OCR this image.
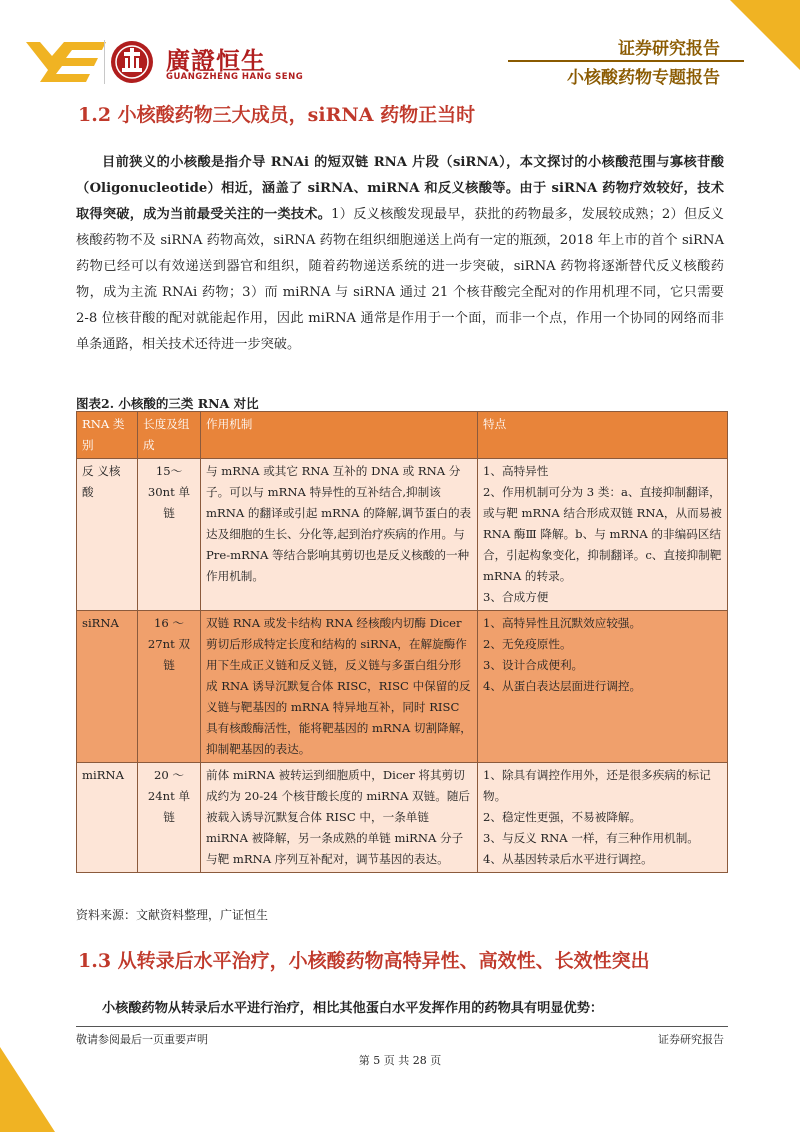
廣證恒生
GUANGZHENG HANG SENG
证券研究报告
小核酸药物专题报告
1.2 小核酸药物三大成员，siRNA 药物正当时
目前狭义的小核酸是指介导 RNAi 的短双链 RNA 片段（siRNA），本文探讨的小核酸范围与寡核苷酸（Oligonucleotide）相近，涵盖了 siRNA、miRNA 和反义核酸等。由于 siRNA 药物疗效较好，技术取得突破，成为当前最受关注的一类技术。1）反义核酸发现最早，获批的药物最多，发展较成熟；2）但反义核酸药物不及 siRNA 药物高效，siRNA 药物在组织细胞递送上尚有一定的瓶颈，2018 年上市的首个 siRNA 药物已经可以有效递送到器官和组织，随着药物递送系统的进一步突破，siRNA 药物将逐渐替代反义核酸药物，成为主流 RNAi 药物；3）而 miRNA 与 siRNA 通过 21 个核苷酸完全配对的作用机理不同，它只需要 2-8 位核苷酸的配对就能起作用，因此 miRNA 通常是作用于一个面，而非一个点，作用一个协同的网络而非单条通路，相关技术还待进一步突破。
图表2. 小核酸的三类 RNA 对比
RNA 类别	长度及组成	作用机制	特点
反 义核酸	15～30nt 单链	与 mRNA 或其它 RNA 互补的 DNA 或 RNA 分子。可以与 mRNA 特异性的互补结合,抑制该 mRNA 的翻译或引起 mRNA 的降解,调节蛋白的表达及细胞的生长、分化等,起到治疗疾病的作用。与 Pre-mRNA 等结合影响其剪切也是反义核酸的一种作用机制。	1、高特异性
2、作用机制可分为 3 类：a、直接抑制翻译，或与靶 mRNA 结合形成双链 RNA，从而易被 RNA 酶Ⅲ 降解。b、与 mRNA 的非编码区结合，引起构象变化，抑制翻译。c、直接抑制靶 mRNA 的转录。
3、合成方便

siRNA	16 ～27nt 双链	双链 RNA 或发卡结构 RNA 经核酸内切酶 Dicer 剪切后形成特定长度和结构的 siRNA，在解旋酶作用下生成正义链和反义链，反义链与多蛋白组分形成 RNA 诱导沉默复合体 RISC，RISC 中保留的反义链与靶基因的 mRNA 特异地互补，同时 RISC 具有核酸酶活性，能将靶基因的 mRNA 切割降解，抑制靶基因的表达。	1、高特异性且沉默效应较强。
2、无免疫原性。
3、设计合成便利。
4、从蛋白表达层面进行调控。

miRNA	20 ～24nt 单链	前体 miRNA 被转运到细胞质中，Dicer 将其剪切成约为 20-24 个核苷酸长度的 miRNA 双链。随后被载入诱导沉默复合体 RISC 中，一条单链 miRNA 被降解，另一条成熟的单链 miRNA 分子与靶 mRNA 序列互补配对，调节基因的表达。	1、除具有调控作用外，还是很多疾病的标记物。
2、稳定性更强，不易被降解。
3、与反义 RNA 一样，有三种作用机制。
4、从基因转录后水平进行调控。
资料来源：文献资料整理，广证恒生
1.3 从转录后水平治疗，小核酸药物高特异性、高效性、长效性突出
小核酸药物从转录后水平进行治疗，相比其他蛋白水平发挥作用的药物具有明显优势：
敬请参阅最后一页重要声明	证券研究报告
第 5 页 共 28 页
